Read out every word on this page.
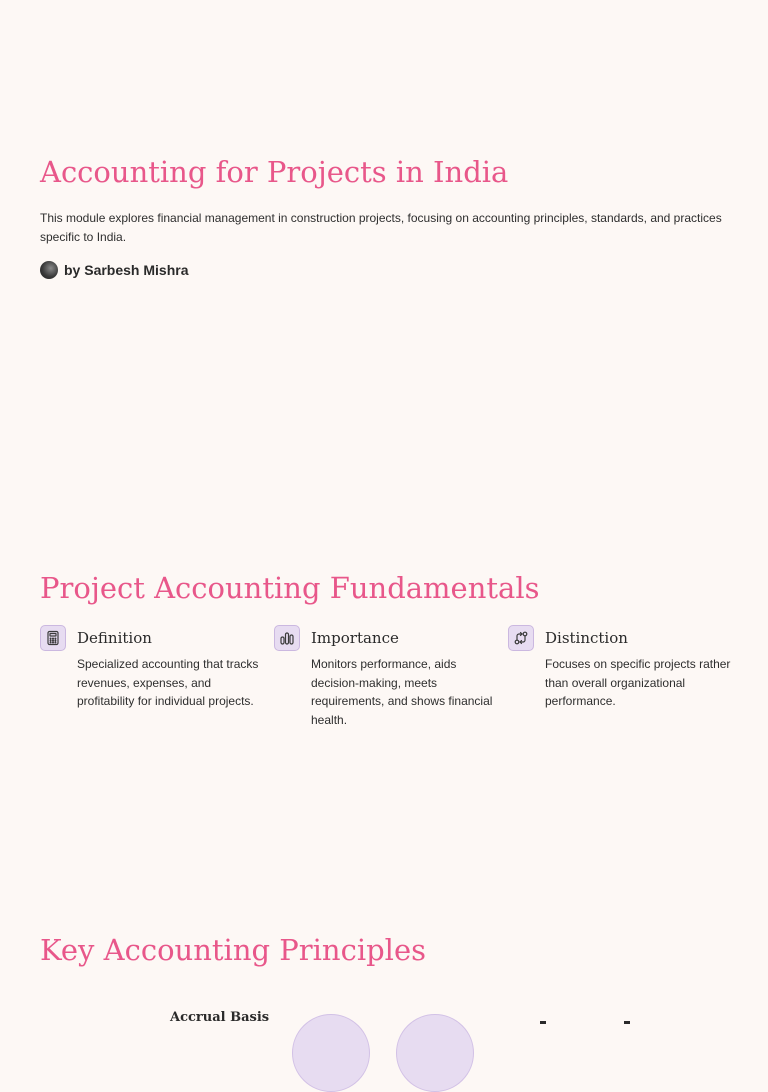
Accounting for Projects in India

This module explores financial management in construction projects, focusing on accounting principles, standards, and practices specific to India.

by Sarbesh Mishra
Project Accounting Fundamentals
Definition

Specialized accounting that tracks revenues, expenses, and profitability for individual projects.

Importance

Monitors performance, aids decision-making, meets requirements, and shows financial health.

Distinction

Focuses on specific projects rather than overall organizational performance.

Key Accounting Principles
Accrual Basis
